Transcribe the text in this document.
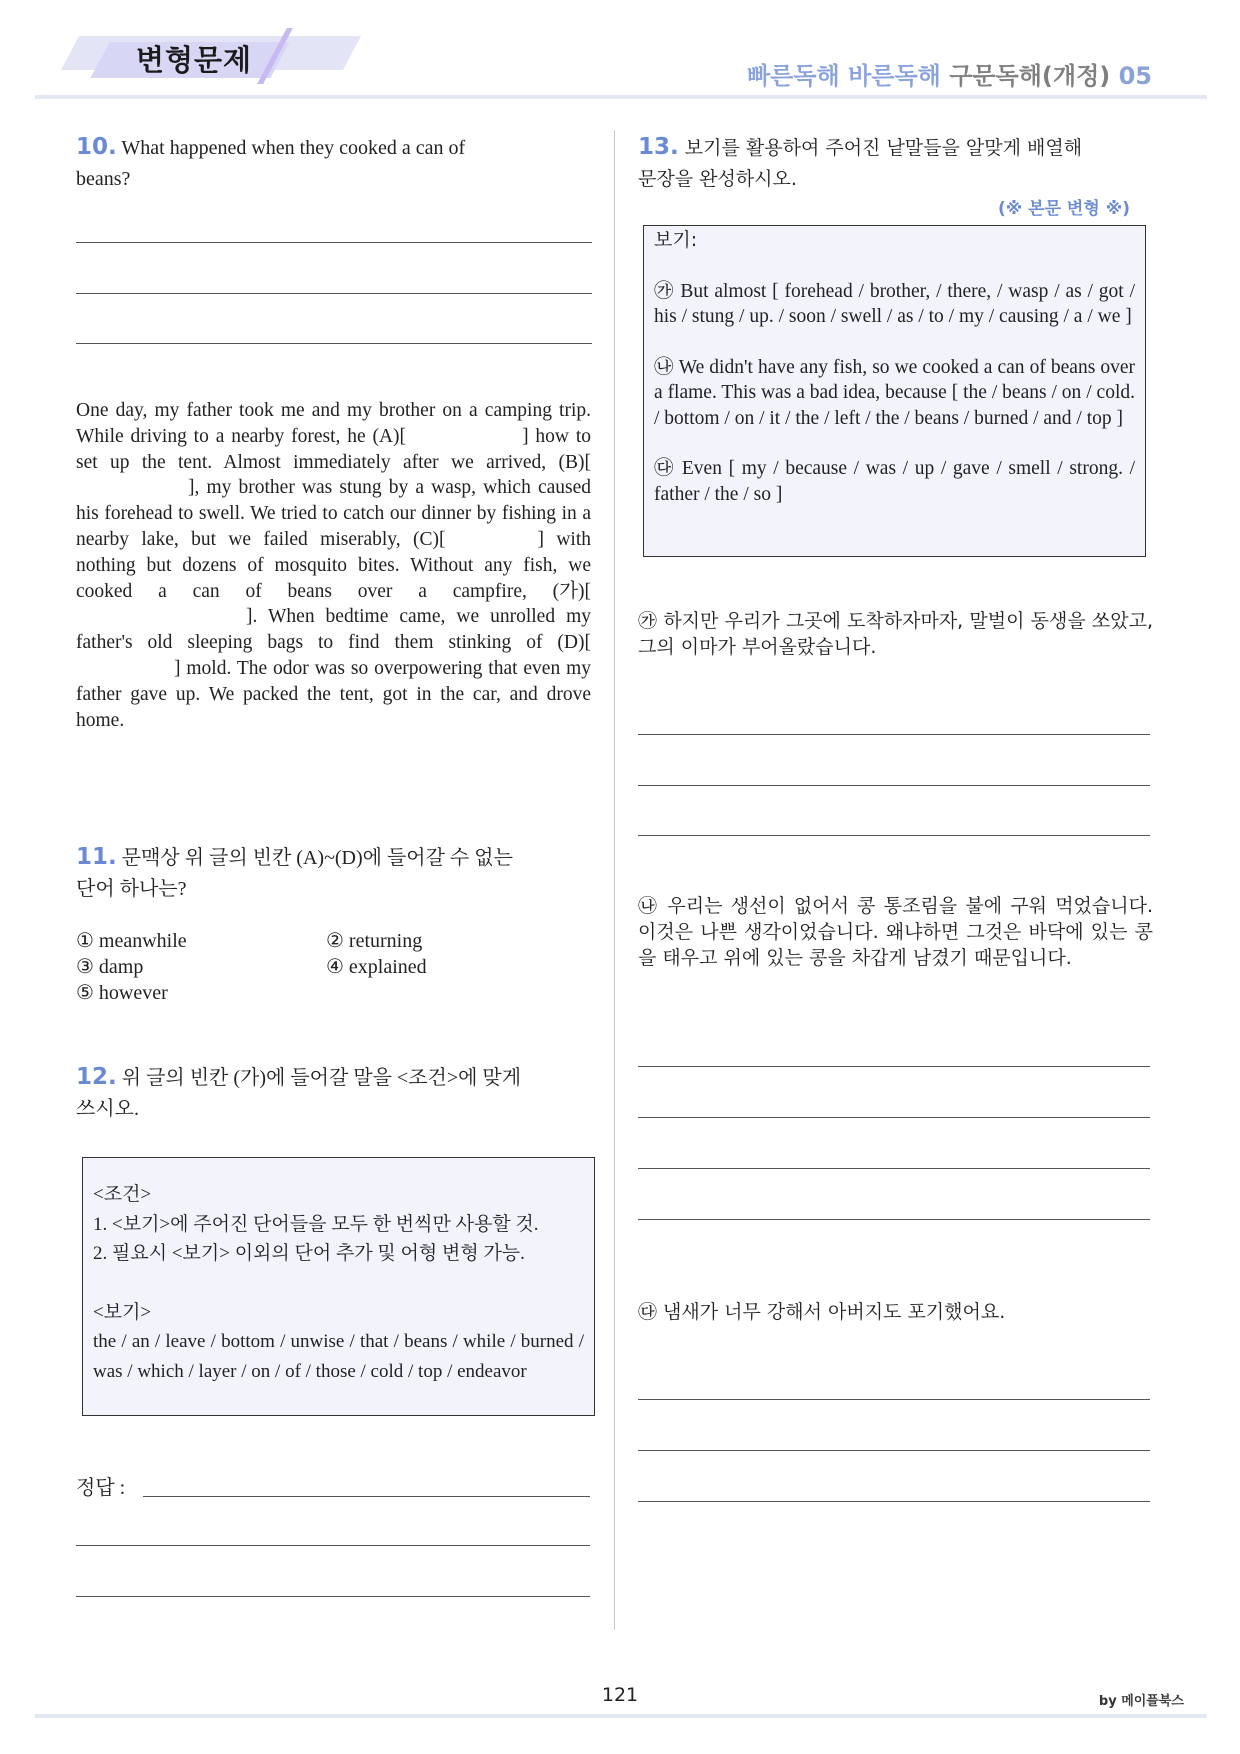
변형문제	빠른독해 바른독해 구문독해(개정) 05
10. What happened when they cooked a can of
beans?
One day, my father took me and my brother on a camping trip. While driving to a nearby forest, he (A)[	] how to set up the tent. Almost immediately after we arrived, (B)[], my brother was stung by a wasp, which caused his forehead to swell. We tried to catch our dinner by fishing in a nearby lake, but we failed miserably, (C)[	] with nothing but dozens of mosquito bites. Without any fish, we cooked a can of beans over a campfire, (가)[]. When bedtime came, we unrolled my father's old sleeping bags to find them stinking of (D)[] mold. The odor was so overpowering that even my father gave up. We packed the tent, got in the car, and drove home.
11. 문맥상 위 글의 빈칸 (A)~(D)에 들어갈 수 없는
단어 하나는?
① meanwhile	② returning
③ damp	④ explained
⑤ however
12. 위 글의 빈칸 (가)에 들어갈 말을 <조건>에 맞게
쓰시오.
<조건>
1. <보기>에 주어진 단어들을 모두 한 번씩만 사용할 것.
2. 필요시 <보기> 이외의 단어 추가 및 어형 변형 가능.
<보기>
the / an / leave / bottom / unwise / that / beans / while / burned / was / which / layer / on / of / those / cold / top / endeavor
정답 :
13. 보기를 활용하여 주어진 낱말들을 알맞게 배열해
문장을 완성하시오.
(※ 본문 변형 ※)
보기:
㉮ But almost [ forehead / brother, / there, / wasp / as / got / his / stung / up. / soon / swell / as / to / my / causing / a / we ]
㉯ We didn't have any fish, so we cooked a can of beans over a flame. This was a bad idea, because [ the / beans / on / cold. / bottom / on / it / the / left / the / beans / burned / and / top ]
㉰ Even [ my / because / was / up / gave / smell / strong. / father / the / so ]
㉮ 하지만 우리가 그곳에 도착하자마자, 말벌이 동생을 쏘았고, 그의 이마가 부어올랐습니다.
㉯ 우리는 생선이 없어서 콩 통조림을 불에 구워 먹었습니다. 이것은 나쁜 생각이었습니다. 왜냐하면 그것은 바닥에 있는 콩을 태우고 위에 있는 콩을 차갑게 남겼기 때문입니다.
㉰ 냄새가 너무 강해서 아버지도 포기했어요.
121	by 메이플북스
